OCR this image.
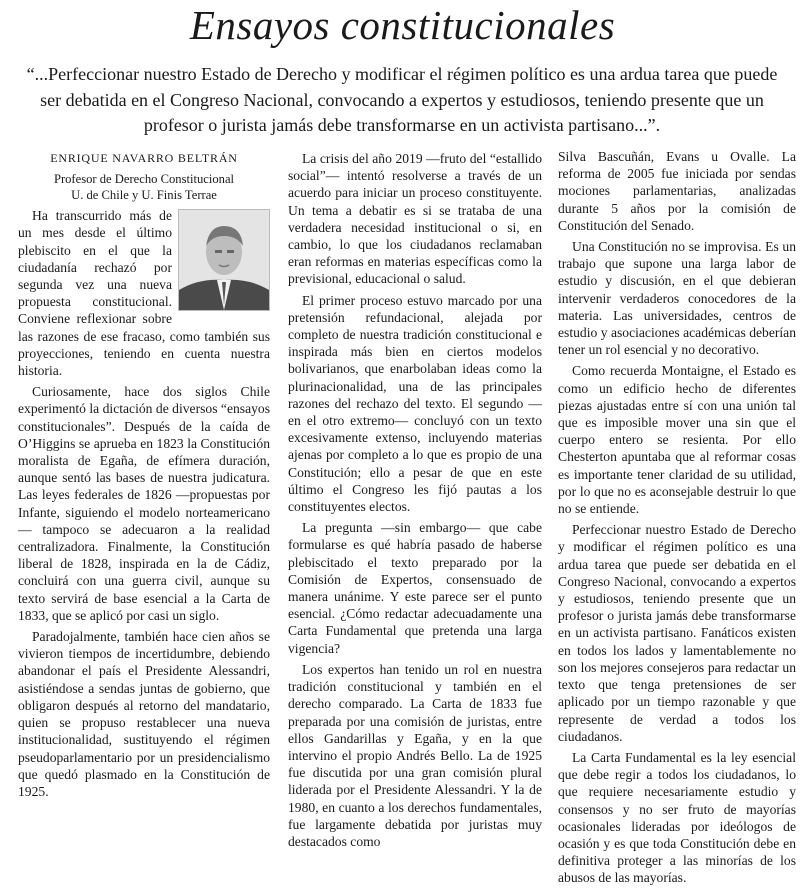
Ensayos constitucionales
“...Perfeccionar nuestro Estado de Derecho y modificar el régimen político es una ardua tarea que puede ser debatida en el Congreso Nacional, convocando a expertos y estudiosos, teniendo presente que un profesor o jurista jamás debe transformarse en un activista partisano...”.

ENRIQUE NAVARRO BELTRÁN

Profesor de Derecho Constitucional
U. de Chile y U. Finis Terrae

Ha transcurrido más de un mes desde el último plebiscito en el que la ciudadanía rechazó por segunda vez una nueva propuesta constitucional. Conviene reflexionar sobre las razones de ese fracaso, como también sus proyecciones, teniendo en cuenta nuestra historia.

Curiosamente, hace dos siglos Chile experimentó la dictación de diversos “ensayos constitucionales”. Después de la caída de O’Higgins se aprueba en 1823 la Constitución moralista de Egaña, de efímera duración, aunque sentó las bases de nuestra judicatura. Las leyes federales de 1826 —propuestas por Infante, siguiendo el modelo norteamericano— tampoco se adecuaron a la realidad centralizadora. Finalmente, la Constitución liberal de 1828, inspirada en la de Cádiz, concluirá con una guerra civil, aunque su texto servirá de base esencial a la Carta de 1833, que se aplicó por casi un siglo.

Paradojalmente, también hace cien años se vivieron tiempos de incertidumbre, debiendo abandonar el país el Presidente Alessandri, asistiéndose a sendas juntas de gobierno, que obligaron después al retorno del mandatario, quien se propuso restablecer una nueva institucionalidad, sustituyendo el régimen pseudoparlamentario por un presidencialismo que quedó plasmado en la Constitución de 1925.

La crisis del año 2019 —fruto del “estallido social”— intentó resolverse a través de un acuerdo para iniciar un proceso constituyente. Un tema a debatir es si se trataba de una verdadera necesidad institucional o si, en cambio, lo que los ciudadanos reclamaban eran reformas en materias específicas como la previsional, educacional o salud.

El primer proceso estuvo marcado por una pretensión refundacional, alejada por completo de nuestra tradición constitucional e inspirada más bien en ciertos modelos bolivarianos, que enarbolaban ideas como la plurinacionalidad, una de las principales razones del rechazo del texto. El segundo —en el otro extremo— concluyó con un texto excesivamente extenso, incluyendo materias ajenas por completo a lo que es propio de una Constitución; ello a pesar de que en este último el Congreso les fijó pautas a los constituyentes electos.

La pregunta —sin embargo— que cabe formularse es qué habría pasado de haberse plebiscitado el texto preparado por la Comisión de Expertos, consensuado de manera unánime. Y este parece ser el punto esencial. ¿Cómo redactar adecuadamente una Carta Fundamental que pretenda una larga vigencia?

Los expertos han tenido un rol en nuestra tradición constitucional y también en el derecho comparado. La Carta de 1833 fue preparada por una comisión de juristas, entre ellos Gandarillas y Egaña, y en la que intervino el propio Andrés Bello. La de 1925 fue discutida por una gran comisión plural liderada por el Presidente Alessandri. Y la de 1980, en cuanto a los derechos fundamentales, fue largamente debatida por juristas muy destacados como

Silva Bascuñán, Evans u Ovalle. La reforma de 2005 fue iniciada por sendas mociones parlamentarias, analizadas durante 5 años por la comisión de Constitución del Senado.

Una Constitución no se improvisa. Es un trabajo que supone una larga labor de estudio y discusión, en el que debieran intervenir verdaderos conocedores de la materia. Las universidades, centros de estudio y asociaciones académicas deberían tener un rol esencial y no decorativo.

Como recuerda Montaigne, el Estado es como un edificio hecho de diferentes piezas ajustadas entre sí con una unión tal que es imposible mover una sin que el cuerpo entero se resienta. Por ello Chesterton apuntaba que al reformar cosas es importante tener claridad de su utilidad, por lo que no es aconsejable destruir lo que no se entiende.

Perfeccionar nuestro Estado de Derecho y modificar el régimen político es una ardua tarea que puede ser debatida en el Congreso Nacional, convocando a expertos y estudiosos, teniendo presente que un profesor o jurista jamás debe transformarse en un activista partisano. Fanáticos existen en todos los lados y lamentablemente no son los mejores consejeros para redactar un texto que tenga pretensiones de ser aplicado por un tiempo razonable y que represente de verdad a todos los ciudadanos.

La Carta Fundamental es la ley esencial que debe regir a todos los ciudadanos, lo que requiere necesariamente estudio y consensos y no ser fruto de mayorías ocasionales lideradas por ideólogos de ocasión y es que toda Constitución debe en definitiva proteger a las minorías de los abusos de las mayorías.
